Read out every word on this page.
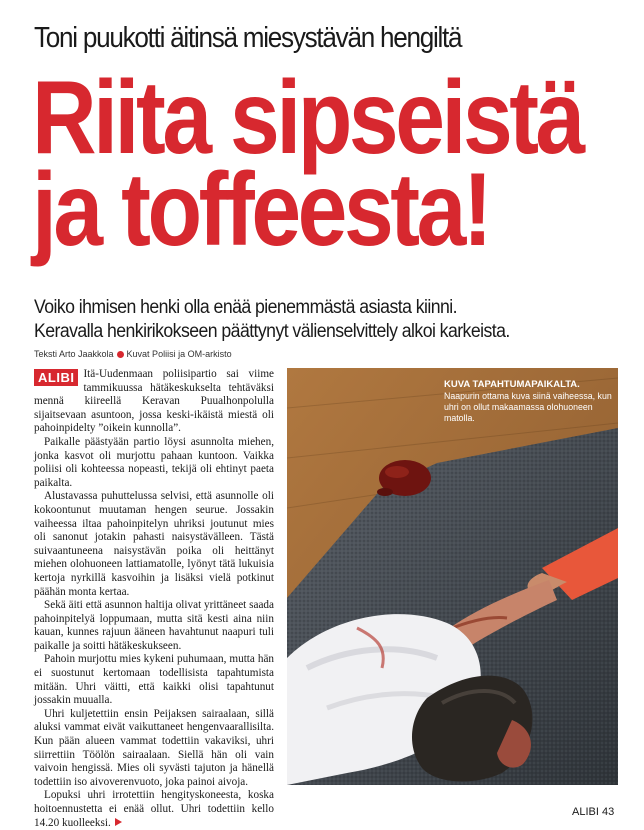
Toni puukotti äitinsä miesystävän hengiltä
Riita sipseistä
ja toffeesta!
Voiko ihmisen henki olla enää pienemmästä asiasta kiinni.
Keravalla henkirikokseen päättynyt välienselvittely alkoi karkeista.
Teksti Arto Jaakkola Kuvat Poliisi ja OM-arkisto

ALIBI Itä-Uudenmaan poliisipartio sai viime tammikuussa hätäkeskukselta tehtäväksi mennä kiireellä Keravan Puualhonpolulla sijaitsevaan asuntoon, jossa keski-ikäistä miestä oli pahoinpidelty ”oikein kunnolla”.

Paikalle päästyään partio löysi asunnolta miehen, jonka kasvot oli murjottu pahaan kuntoon. Vaikka poliisi oli kohteessa nopeasti, tekijä oli ehtinyt paeta paikalta.

Alustavassa puhuttelussa selvisi, että asunnolle oli kokoontunut muutaman hengen seurue. Jossakin vaiheessa iltaa pahoinpitelyn uhriksi joutunut mies oli sanonut jotakin pahasti naisystävälleen. Tästä suivaantuneena naisystävän poika oli heittänyt miehen olohuoneen lattiamatolle, lyönyt tätä lukuisia kertoja nyrkillä kasvoihin ja lisäksi vielä potkinut päähän monta kertaa.

Sekä äiti että asunnon haltija olivat yrittäneet saada pahoinpitelyä loppumaan, mutta sitä kesti aina niin kauan, kunnes rajuun ääneen havahtunut naapuri tuli paikalle ja soitti hätäkeskukseen.

Pahoin murjottu mies kykeni puhumaan, mutta hän ei suostunut kertomaan todellisista tapahtumista mitään. Uhri väitti, että kaikki olisi tapahtunut jossakin muualla.

Uhri kuljetettiin ensin Peijaksen sairaalaan, sillä aluksi vammat eivät vaikuttaneet hengenvaarallisilta. Kun pään alueen vammat todettiin vakaviksi, uhri siirrettiin Töölön sairaalaan. Siellä hän oli vain vaivoin hengissä. Mies oli syvästi tajuton ja hänellä todettiin iso aivoverenvuoto, joka painoi aivoja.

Lopuksi uhri irrotettiin hengityskoneesta, koska hoitoennustetta ei enää ollut. Uhri todettiin kello 14.20 kuolleeksi.

KUVA TAPAHTUMAPAIKALTA.
Naapurin ottama kuva siinä vaiheessa, kun uhri on ollut makaamassa olohuoneen matolla.
ALIBI 43
